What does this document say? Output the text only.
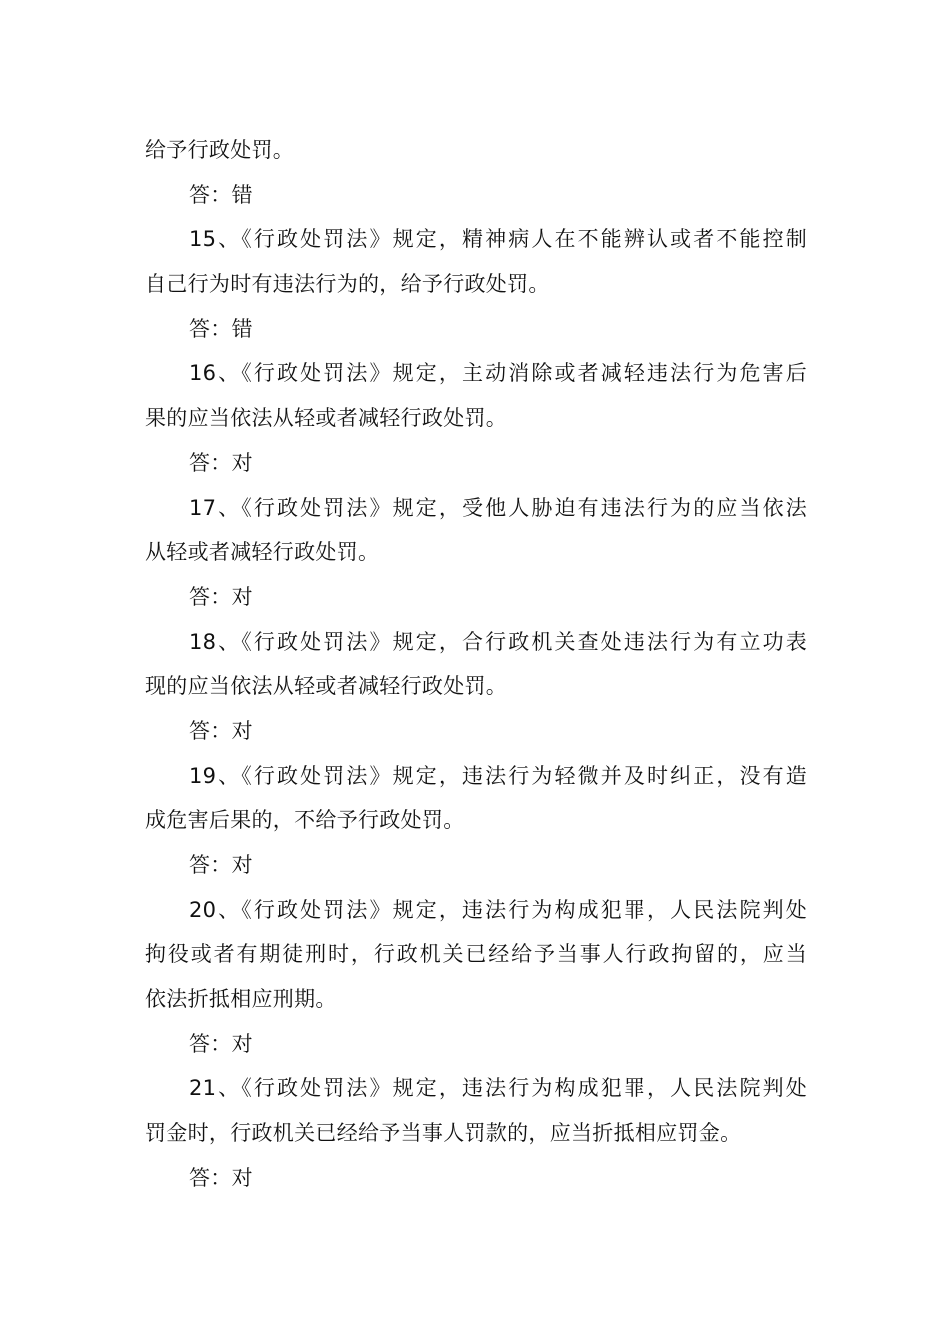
给予行政处罚。
答：错
15、《行政处罚法》规定，精神病人在不能辨认或者不能控制
自己行为时有违法行为的，给予行政处罚。
答：错
16、《行政处罚法》规定，主动消除或者减轻违法行为危害后
果的应当依法从轻或者减轻行政处罚。
答：对
17、《行政处罚法》规定，受他人胁迫有违法行为的应当依法
从轻或者减轻行政处罚。
答：对
18、《行政处罚法》规定，合行政机关查处违法行为有立功表
现的应当依法从轻或者减轻行政处罚。
答：对
19、《行政处罚法》规定，违法行为轻微并及时纠正，没有造
成危害后果的，不给予行政处罚。
答：对
20、《行政处罚法》规定，违法行为构成犯罪，人民法院判处
拘役或者有期徒刑时，行政机关已经给予当事人行政拘留的，应当
依法折抵相应刑期。
答：对
21、《行政处罚法》规定，违法行为构成犯罪，人民法院判处
罚金时，行政机关已经给予当事人罚款的，应当折抵相应罚金。
答：对
